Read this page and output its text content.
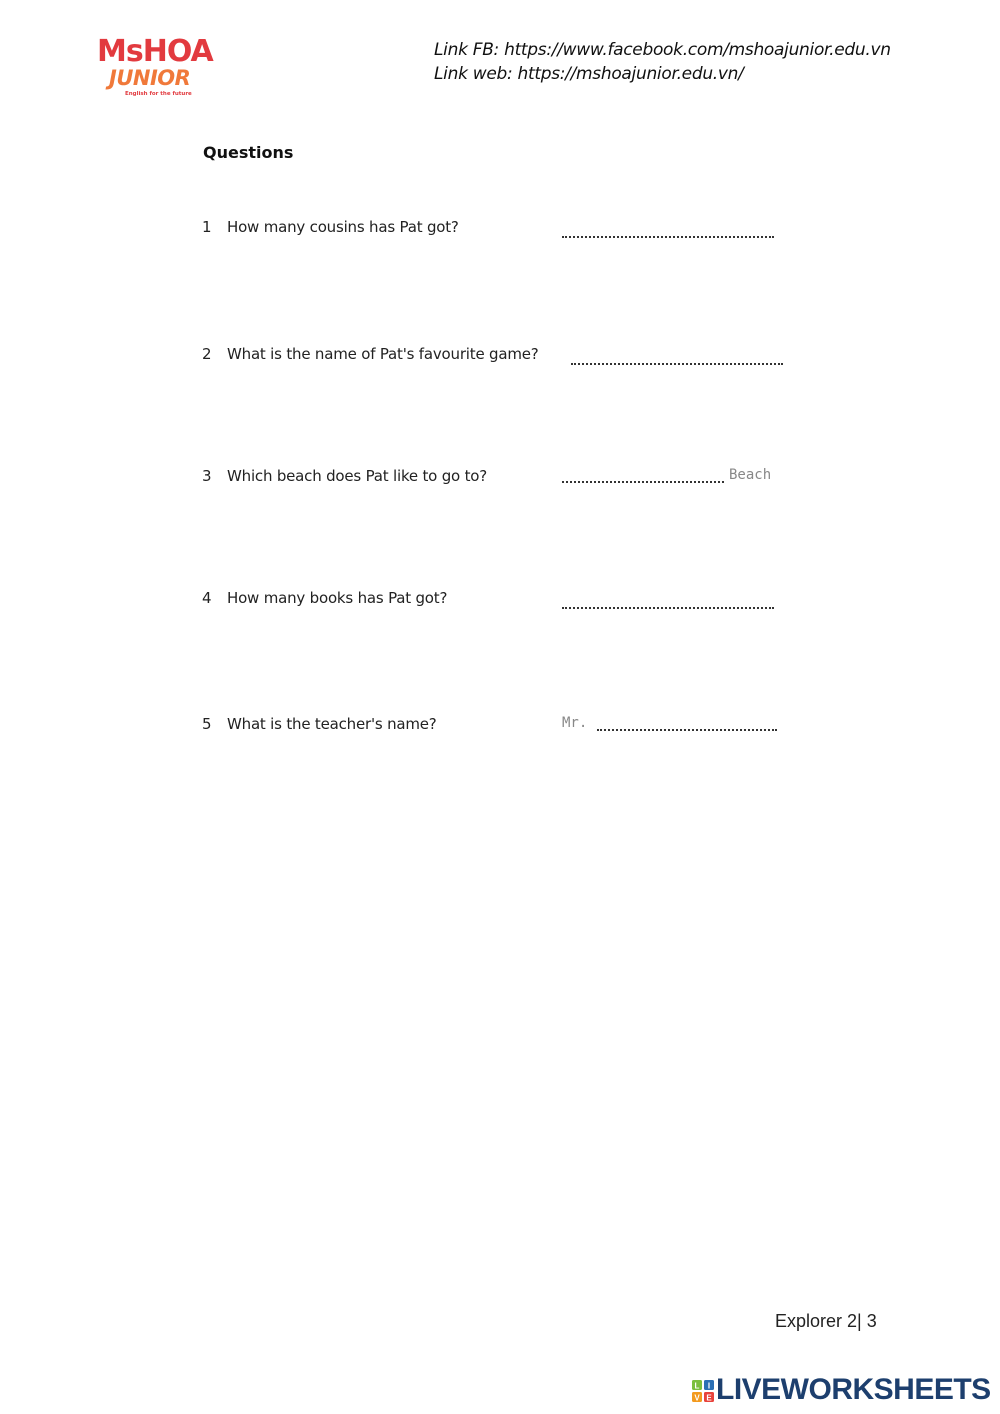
MsHOA
JUNIOR
English for the future
Link FB: https://www.facebook.com/mshoajunior.edu.vn
Link web: https://mshoajunior.edu.vn/
Questions
1 How many cousins has Pat got?
2 What is the name of Pat's favourite game?
3 Which beach does Pat like to go to?	Beach
4 How many books has Pat got?
5 What is the teacher's name?	Mr.
Explorer 2| 3
L I
V E LIVEWORKSHEETS
